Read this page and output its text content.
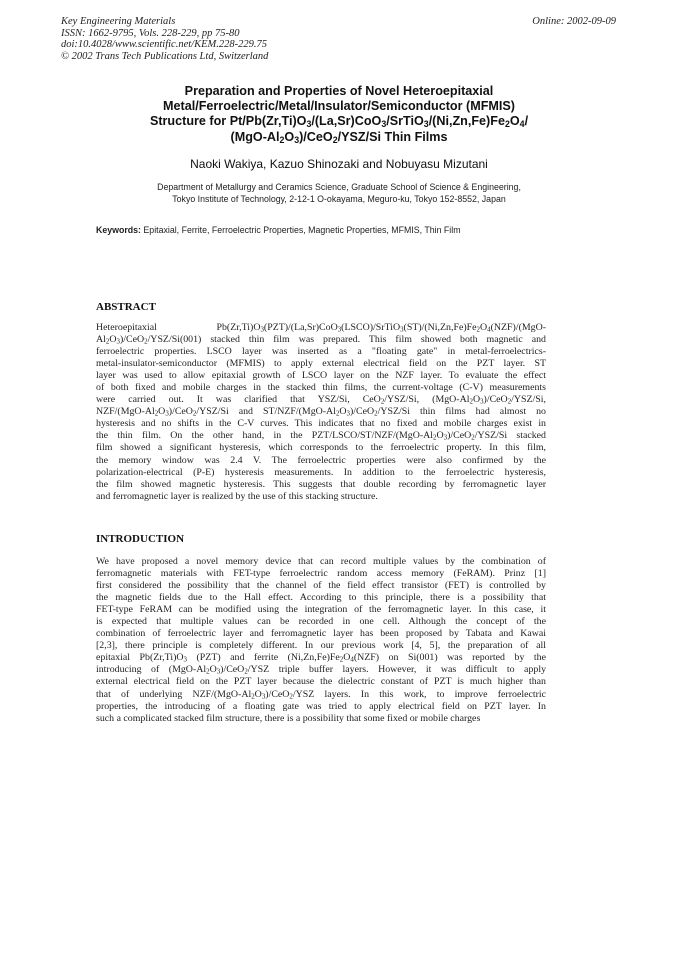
Key Engineering Materials
ISSN: 1662-9795, Vols. 228-229, pp 75-80
doi:10.4028/www.scientific.net/KEM.228-229.75
© 2002 Trans Tech Publications Ltd, Switzerland
Online: 2002-09-09
Preparation and Properties of Novel Heteroepitaxial
Metal/Ferroelectric/Metal/Insulator/Semiconductor (MFMIS)
Structure for $Pt/Pb(Zr,Ti)O_3/(La,Sr)CoO_3/SrTiO_3/(Ni,Zn,Fe)Fe_2O_4/$
$(MgO-Al_2O_3)/CeO_2/YSZ/Si$ Thin Films
Naoki Wakiya, Kazuo Shinozaki and Nobuyasu Mizutani
Department of Metallurgy and Ceramics Science, Graduate School of Science & Engineering,
Tokyo Institute of Technology, 2-12-1 O-okayama, Meguro-ku, Tokyo 152-8552, Japan
Keywords: Epitaxial, Ferrite, Ferroelectric Properties, Magnetic Properties, MFMIS, Thin Film
ABSTRACT
Heteroepitaxial $Pb(Zr,Ti)O_3(PZT)/(La,Sr)CoO_3(LSCO)/SrTiO_3(ST)/(Ni,Zn,Fe)Fe_2O_4(NZF)/(MgO-$
$Al_2O_3)/CeO_2/YSZ/Si(001)$ stacked thin film was prepared. This film showed both magnetic and
ferroelectric properties. LSCO layer was inserted as a "floating gate" in metal-ferroelectrics-
metal-insulator-semiconductor (MFMIS) to apply external electrical field on the PZT layer. ST
layer was used to allow epitaxial growth of LSCO layer on the NZF layer. To evaluate the effect
of both fixed and mobile charges in the stacked thin films, the current-voltage (C-V) measurements
were carried out. It was clarified that YSZ/Si, CeO$_2$/YSZ/Si, $(MgO-Al_2O_3)/CeO_2/YSZ/Si$,
NZF/$(MgO-Al_2O_3)/CeO_2/YSZ/Si$ and $ST/NZF/(MgO-Al_2O_3)/CeO_2/YSZ/Si$ thin films had almost no
hysteresis and no shifts in the C-V curves. This indicates that no fixed and mobile charges exist in
the thin film. On the other hand, in the PZT/$LSCO/ST/NZF/(MgO-Al_2O_3)/CeO_2/YSZ/Si$ stacked
film showed a significant hysteresis, which corresponds to the ferroelectric property. In this film,
the memory window was 2.4 V. The ferroelectric properties were also confirmed by the
polarization-electrical (P-E) hysteresis measurements. In addition to the ferroelectric hysteresis,
the film showed magnetic hysteresis. This suggests that double recording by ferromagnetic layer
and ferromagnetic layer is realized by the use of this stacking structure.
INTRODUCTION
We have proposed a novel memory device that can record multiple values by the combination of
ferromagnetic materials with FET-type ferroelectric random access memory (FeRAM). Prinz [1]
first considered the possibility that the channel of the field effect transistor (FET) is controlled by
the magnetic fields due to the Hall effect. According to this principle, there is a possibility that
FET-type FeRAM can be modified using the integration of the ferromagnetic layer. In this case, it
is expected that multiple values can be recorded in one cell. Although the concept of the
combination of ferroelectric layer and ferromagnetic layer has been proposed by Tabata and Kawai
[2,3], there principle is completely different. In our previous work [4, 5], the preparation of all
epitaxial $Pb(Zr,Ti)O_3$ (PZT) and ferrite $(Ni,Zn,Fe)Fe_2O_4(NZF)$ on Si(001) was reported by the
introducing of $(MgO-Al_2O_3)/CeO_2$/YSZ triple buffer layers. However, it was difficult to apply
external electrical field on the PZT layer because the dielectric constant of PZT is much higher than
that of underlying NZF/$(MgO-Al_2O_3)/CeO_2$/YSZ layers. In this work, to improve ferroelectric
properties, the introducing of a floating gate was tried to apply electrical field on PZT layer. In
such a complicated stacked film structure, there is a possibility that some fixed or mobile charges
